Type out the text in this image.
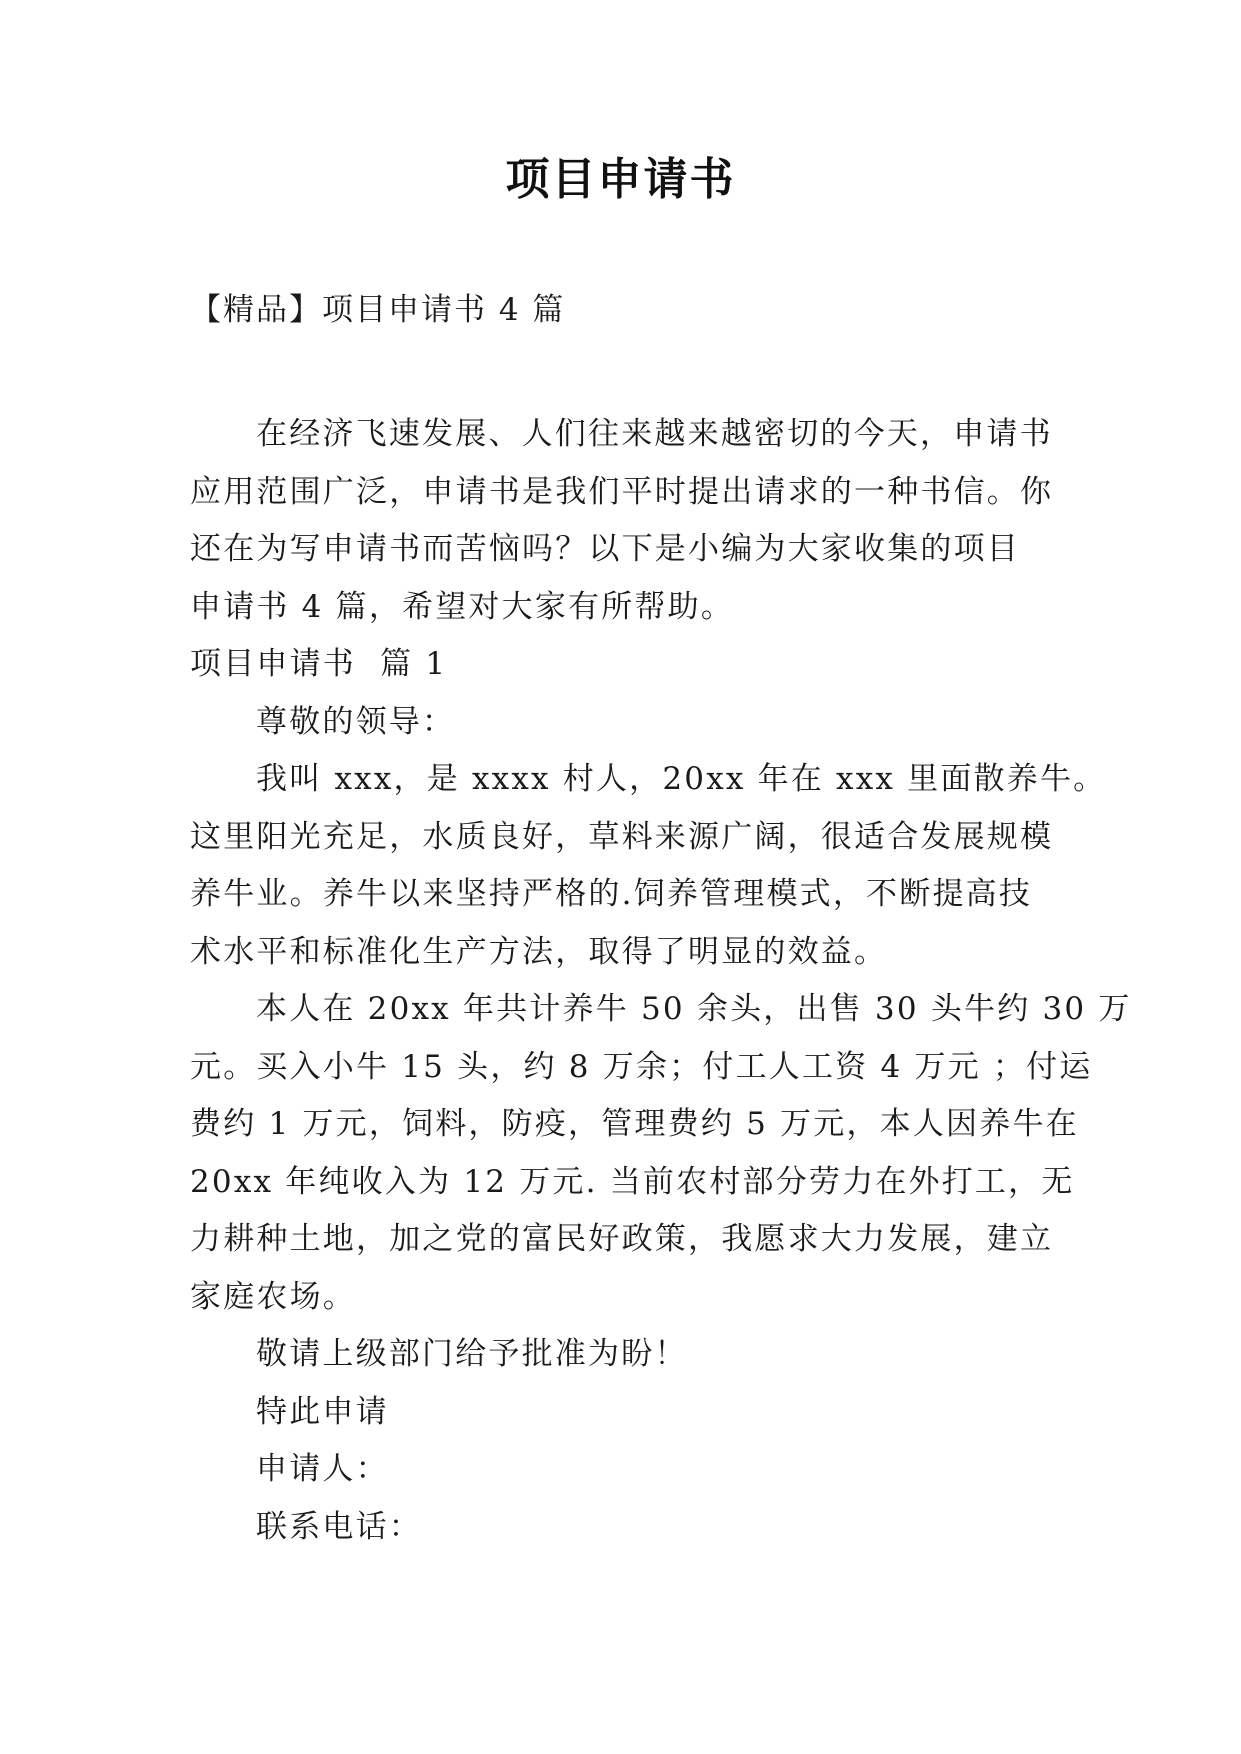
项目申请书
【精品】项目申请书 4 篇

在经济飞速发展、人们往来越来越密切的今天，申请书
应用范围广泛，申请书是我们平时提出请求的一种书信。你
还在为写申请书而苦恼吗？以下是小编为大家收集的项目
申请书 4 篇，希望对大家有所帮助。

项目申请书  篇 1

尊敬的领导：

我叫 xxx，是 xxxx 村人，20xx 年在 xxx 里面散养牛。
这里阳光充足，水质良好，草料来源广阔，很适合发展规模
养牛业。养牛以来坚持严格的.饲养管理模式，不断提高技
术水平和标准化生产方法，取得了明显的效益。

本人在 20xx 年共计养牛 50 余头，出售 30 头牛约 30 万
元。买入小牛 15 头，约 8 万余；付工人工资 4 万元 ；付运
费约 1 万元，饲料，防疫，管理费约 5 万元，本人因养牛在
20xx 年纯收入为 12 万元. 当前农村部分劳力在外打工，无
力耕种土地，加之党的富民好政策，我愿求大力发展，建立
家庭农场。

敬请上级部门给予批准为盼！

特此申请

申请人：

联系电话：
